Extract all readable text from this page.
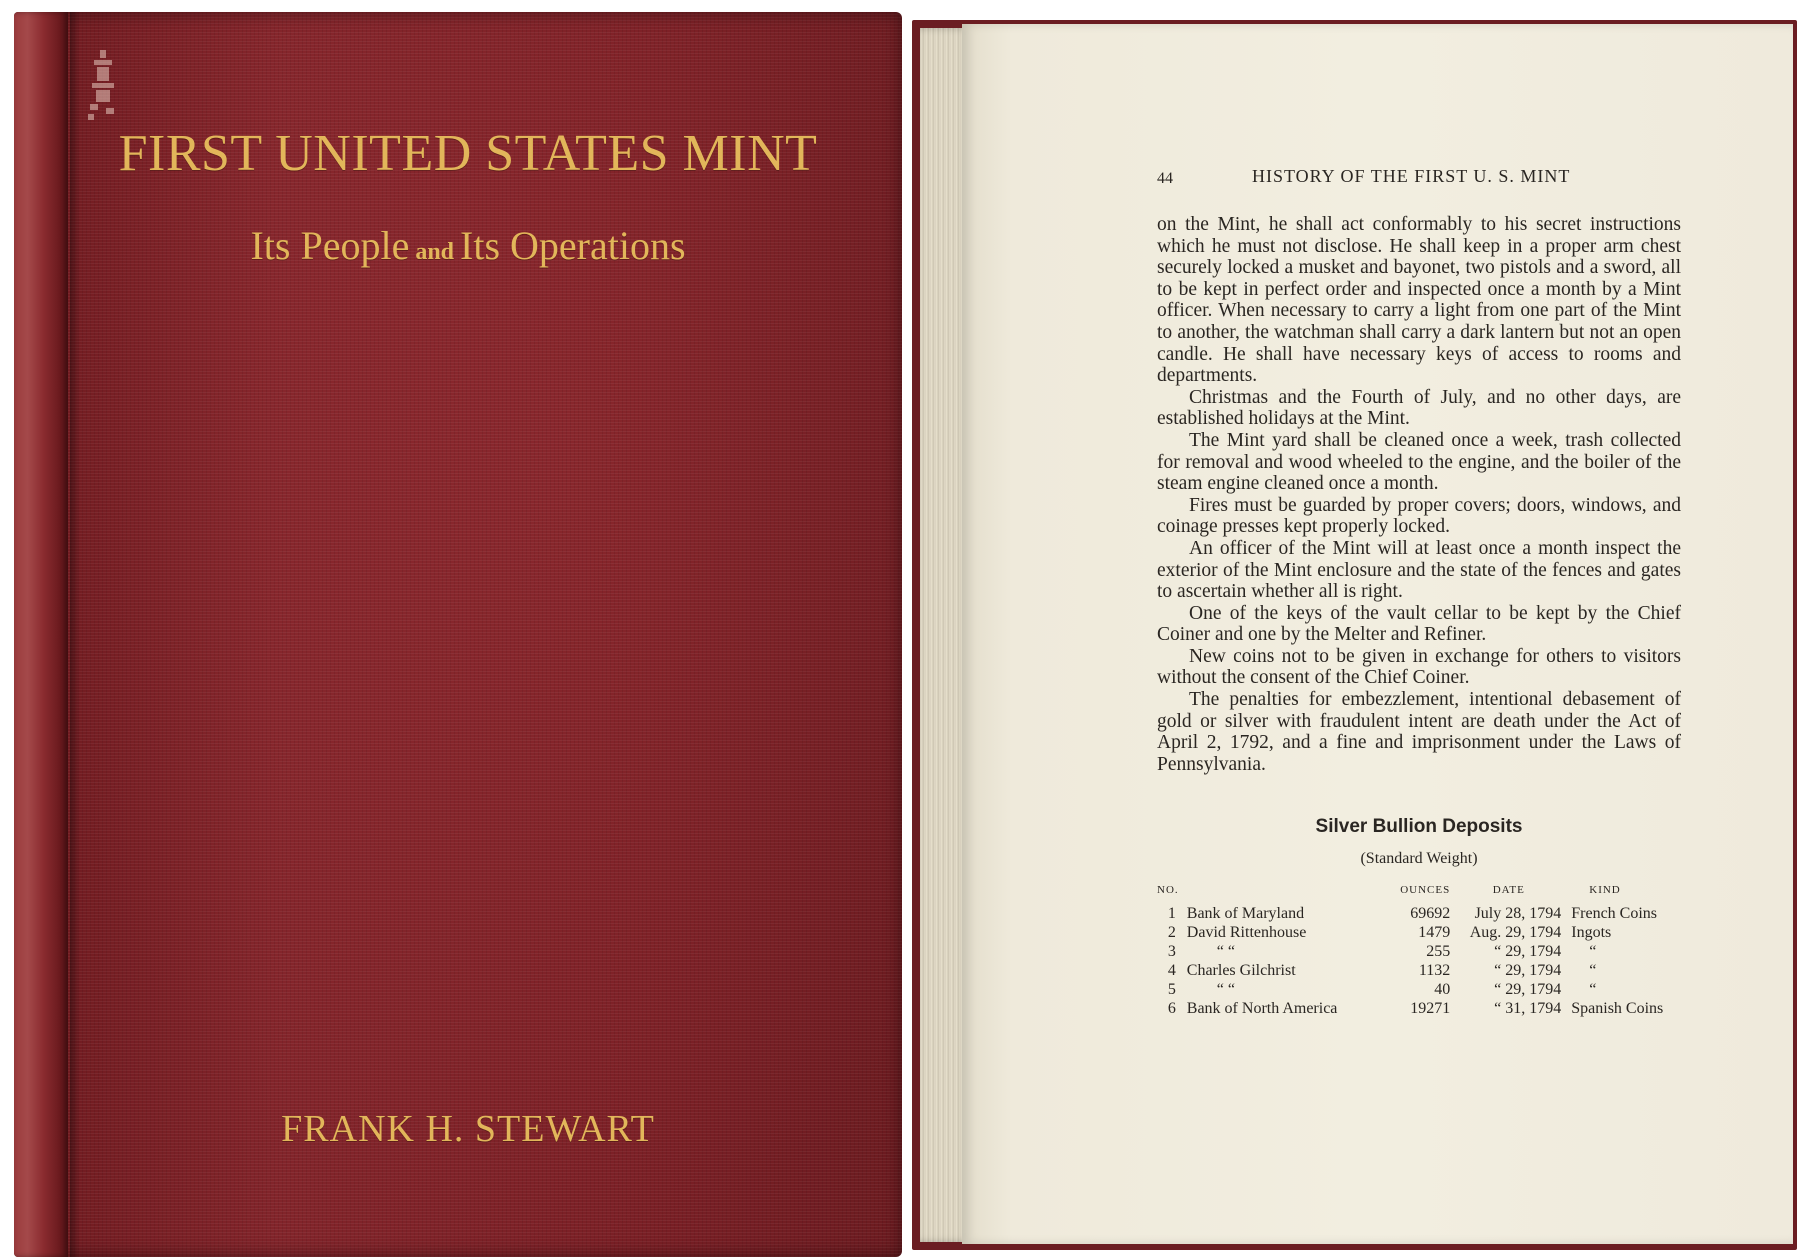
FIRST UNITED STATES MINT
Its People and Its Operations
FRANK H. STEWART
44	HISTORY OF THE FIRST U. S. MINT

on the Mint, he shall act conformably to his secret instructions which he must not disclose. He shall keep in a proper arm chest securely locked a musket and bayonet, two pistols and a sword, all to be kept in perfect order and inspected once a month by a Mint officer. When necessary to carry a light from one part of the Mint to another, the watchman shall carry a dark lantern but not an open candle. He shall have necessary keys of access to rooms and departments.

Christmas and the Fourth of July, and no other days, are established holidays at the Mint.

The Mint yard shall be cleaned once a week, trash collected for removal and wood wheeled to the engine, and the boiler of the steam engine cleaned once a month.

Fires must be guarded by proper covers; doors, windows, and coinage presses kept properly locked.

An officer of the Mint will at least once a month inspect the exterior of the Mint enclosure and the state of the fences and gates to ascertain whether all is right.

One of the keys of the vault cellar to be kept by the Chief Coiner and one by the Melter and Refiner.

New coins not to be given in exchange for others to visitors without the consent of the Chief Coiner.

The penalties for embezzlement, intentional debasement of gold or silver with fraudulent intent are death under the Act of April 2, 1792, and a fine and imprisonment under the Laws of Pennsylvania.

Silver Bullion Deposits
(Standard Weight)
NO.		OUNCES	DATE	KIND
1	Bank of Maryland	69692	July 28, 1794	French Coins
2	David Rittenhouse	1479	Aug. 29, 1794	Ingots
3	“ “	255	“ 29, 1794	“
4	Charles Gilchrist	1132	“ 29, 1794	“
5	“ “	40	“ 29, 1794	“
6	Bank of North America	19271	“ 31, 1794	Spanish Coins
